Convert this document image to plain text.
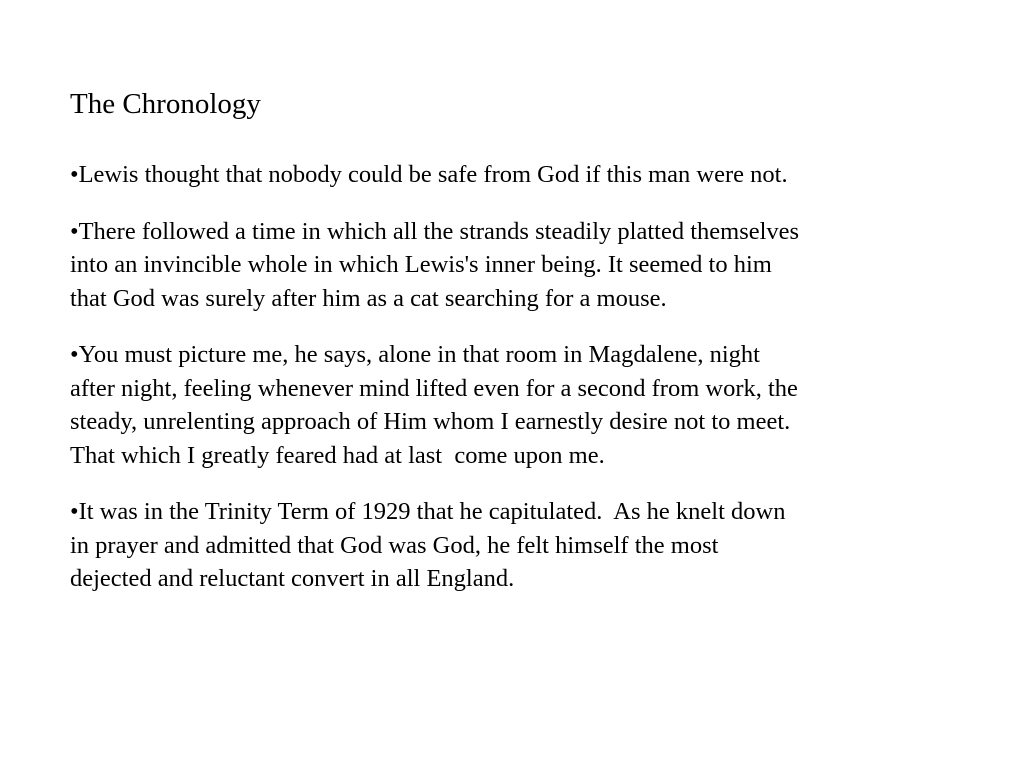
The Chronology

•Lewis thought that nobody could be safe from God if this man were not.

•There followed a time in which all the strands steadily platted themselves
into an invincible whole in which Lewis's inner being. It seemed to him
that God was surely after him as a cat searching for a mouse.

•You must picture me, he says, alone in that room in Magdalene, night
after night, feeling whenever mind lifted even for a second from work, the
steady, unrelenting approach of Him whom I earnestly desire not to meet.
That which I greatly feared had at last  come upon me.

•It was in the Trinity Term of 1929 that he capitulated.  As he knelt down
in prayer and admitted that God was God, he felt himself the most
dejected and reluctant convert in all England.
